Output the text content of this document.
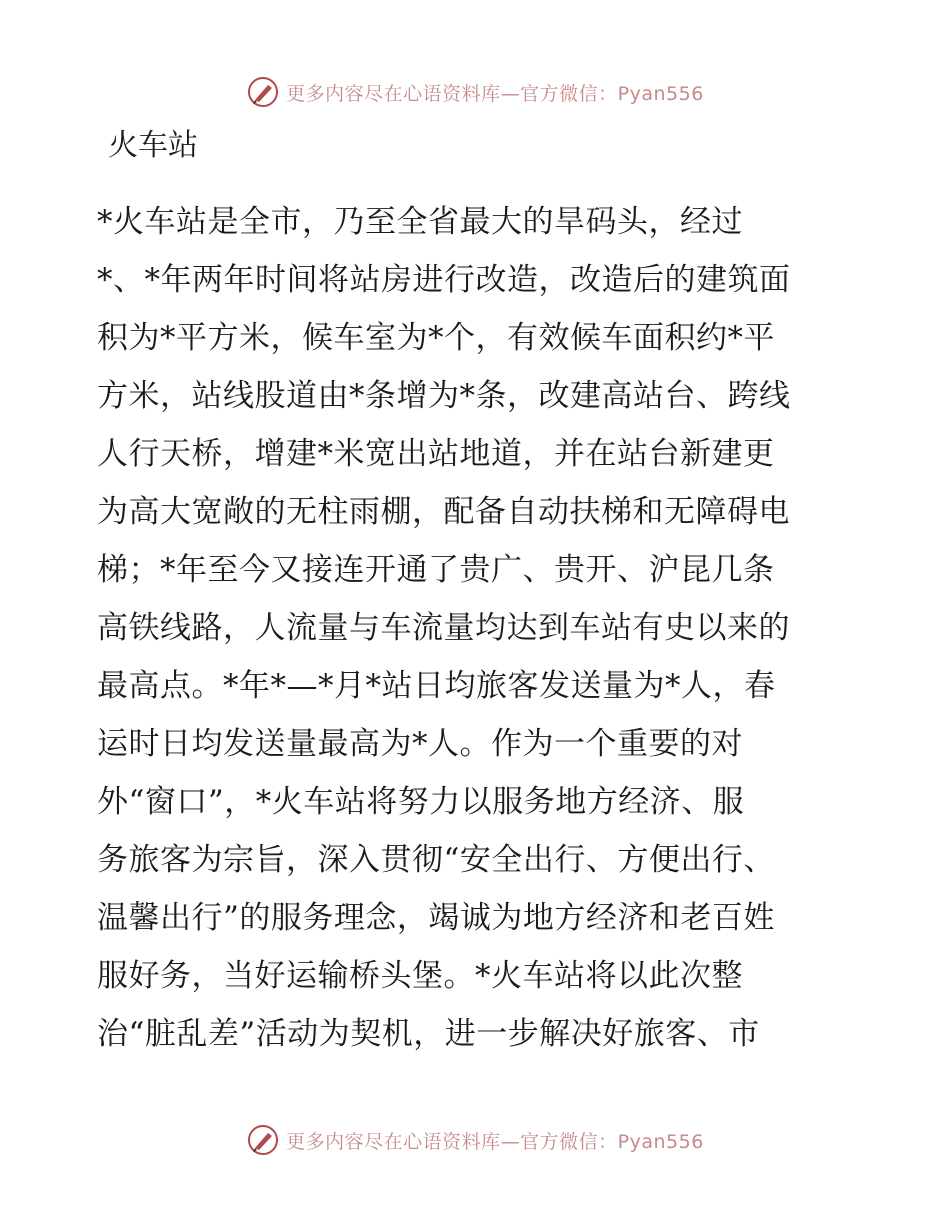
更多内容尽在心语资料库—官方微信：Pyan556
火车站
*火车站是全市，乃至全省最大的旱码头，经过
*、*年两年时间将站房进行改造，改造后的建筑面
积为*平方米，候车室为*个，有效候车面积约*平
方米，站线股道由*条增为*条，改建高站台、跨线
人行天桥，增建*米宽出站地道，并在站台新建更
为高大宽敞的无柱雨棚，配备自动扶梯和无障碍电
梯；*年至今又接连开通了贵广、贵开、沪昆几条
高铁线路，人流量与车流量均达到车站有史以来的
最高点。*年*—*月*站日均旅客发送量为*人，春
运时日均发送量最高为*人。作为一个重要的对
外“窗口”，*火车站将努力以服务地方经济、服
务旅客为宗旨，深入贯彻“安全出行、方便出行、
温馨出行”的服务理念，竭诚为地方经济和老百姓
服好务，当好运输桥头堡。*火车站将以此次整
治“脏乱差”活动为契机，进一步解决好旅客、市
更多内容尽在心语资料库—官方微信：Pyan556
